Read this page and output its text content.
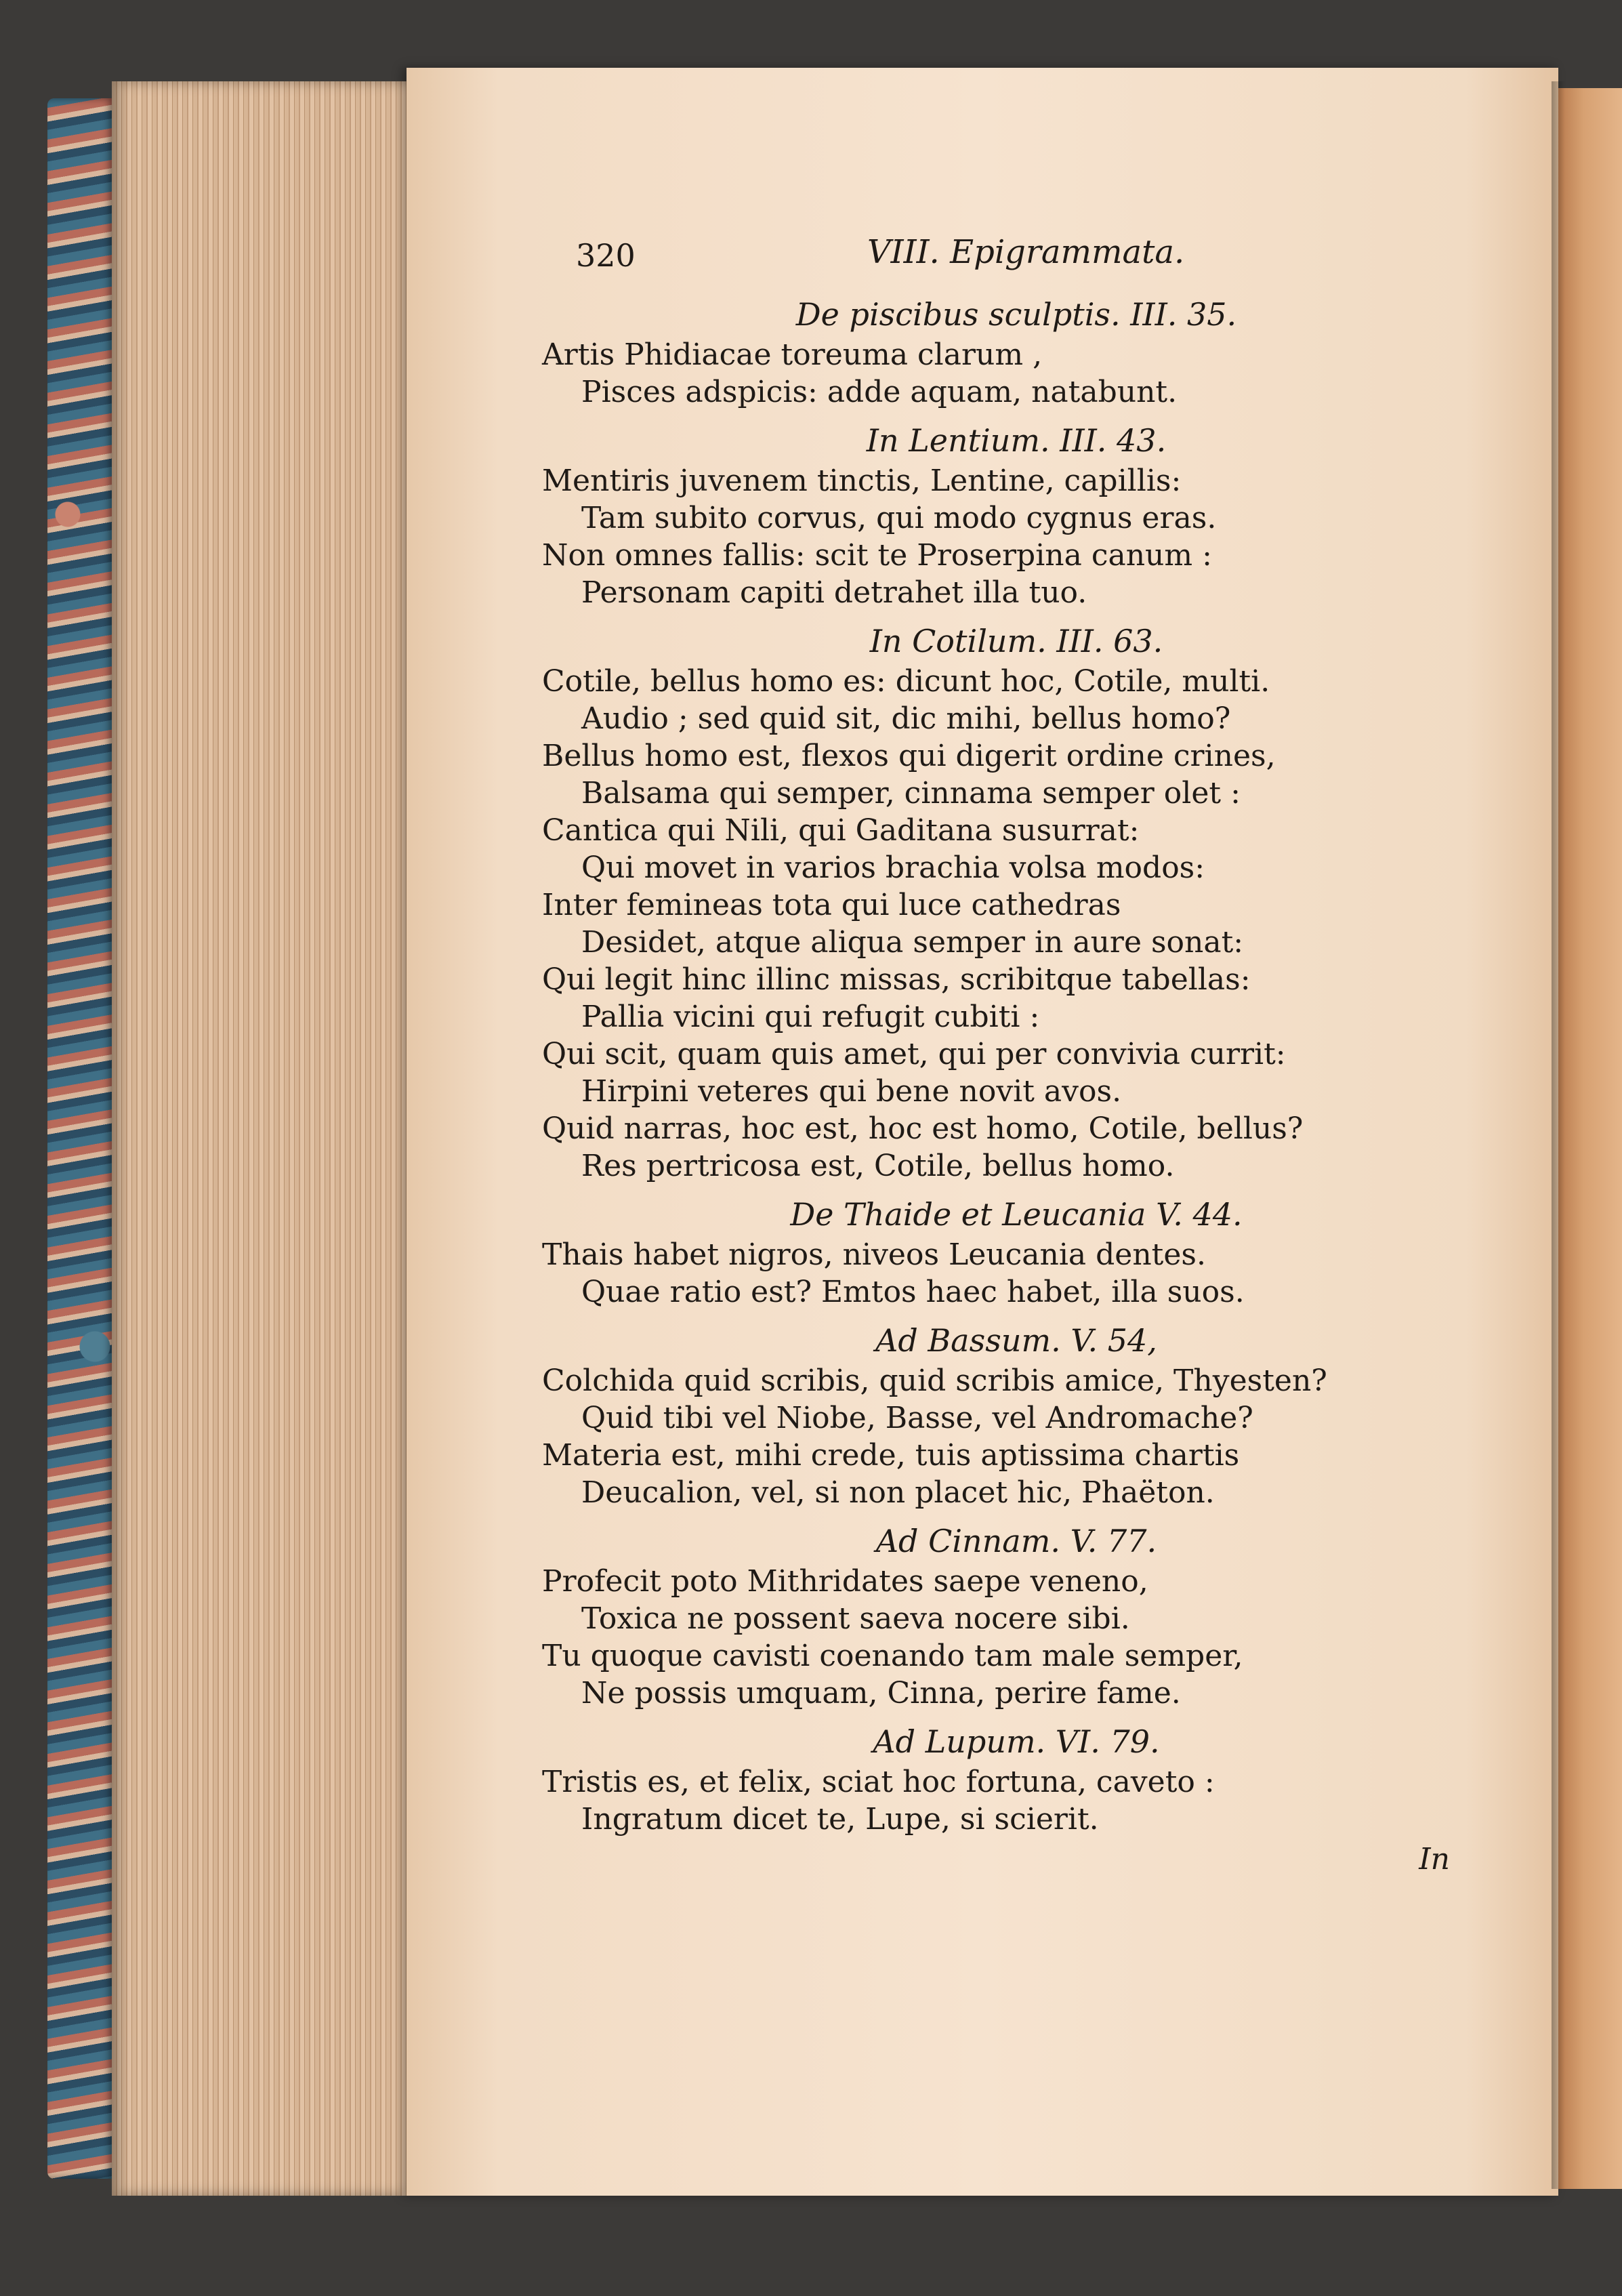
320	VIII. Epigrammata.
De piscibus sculptis. III. 35.
Artis Phidiacae toreuma clarum ,
Pisces adspicis: adde aquam, natabunt.
In Lentium. III. 43.
Mentiris juvenem tinctis, Lentine, capillis:
Tam subito corvus, qui modo cygnus eras.
Non omnes fallis: scit te Proserpina canum :
Personam capiti detrahet illa tuo.
In Cotilum. III. 63.
Cotile, bellus homo es: dicunt hoc, Cotile, multi.
Audio ; sed quid sit, dic mihi, bellus homo?
Bellus homo est, flexos qui digerit ordine crines,
Balsama qui semper, cinnama semper olet :
Cantica qui Nili, qui Gaditana susurrat:
Qui movet in varios brachia volsa modos:
Inter femineas tota qui luce cathedras
Desidet, atque aliqua semper in aure sonat:
Qui legit hinc illinc missas, scribitque tabellas:
Pallia vicini qui refugit cubiti :
Qui scit, quam quis amet, qui per convivia currit:
Hirpini veteres qui bene novit avos.
Quid narras, hoc est, hoc est homo, Cotile, bellus?
Res pertricosa est, Cotile, bellus homo.
De Thaide et Leucania V. 44.
Thais habet nigros, niveos Leucania dentes.
Quae ratio est? Emtos haec habet, illa suos.
Ad Bassum. V. 54,
Colchida quid scribis, quid scribis amice, Thyesten?
Quid tibi vel Niobe, Basse, vel Andromache?
Materia est, mihi crede, tuis aptissima chartis
Deucalion, vel, si non placet hic, Phaëton.
Ad Cinnam. V. 77.
Profecit poto Mithridates saepe veneno,
Toxica ne possent saeva nocere sibi.
Tu quoque cavisti coenando tam male semper,
Ne possis umquam, Cinna, perire fame.
Ad Lupum. VI. 79.
Tristis es, et felix, sciat hoc fortuna, caveto :
Ingratum dicet te, Lupe, si scierit.
In
